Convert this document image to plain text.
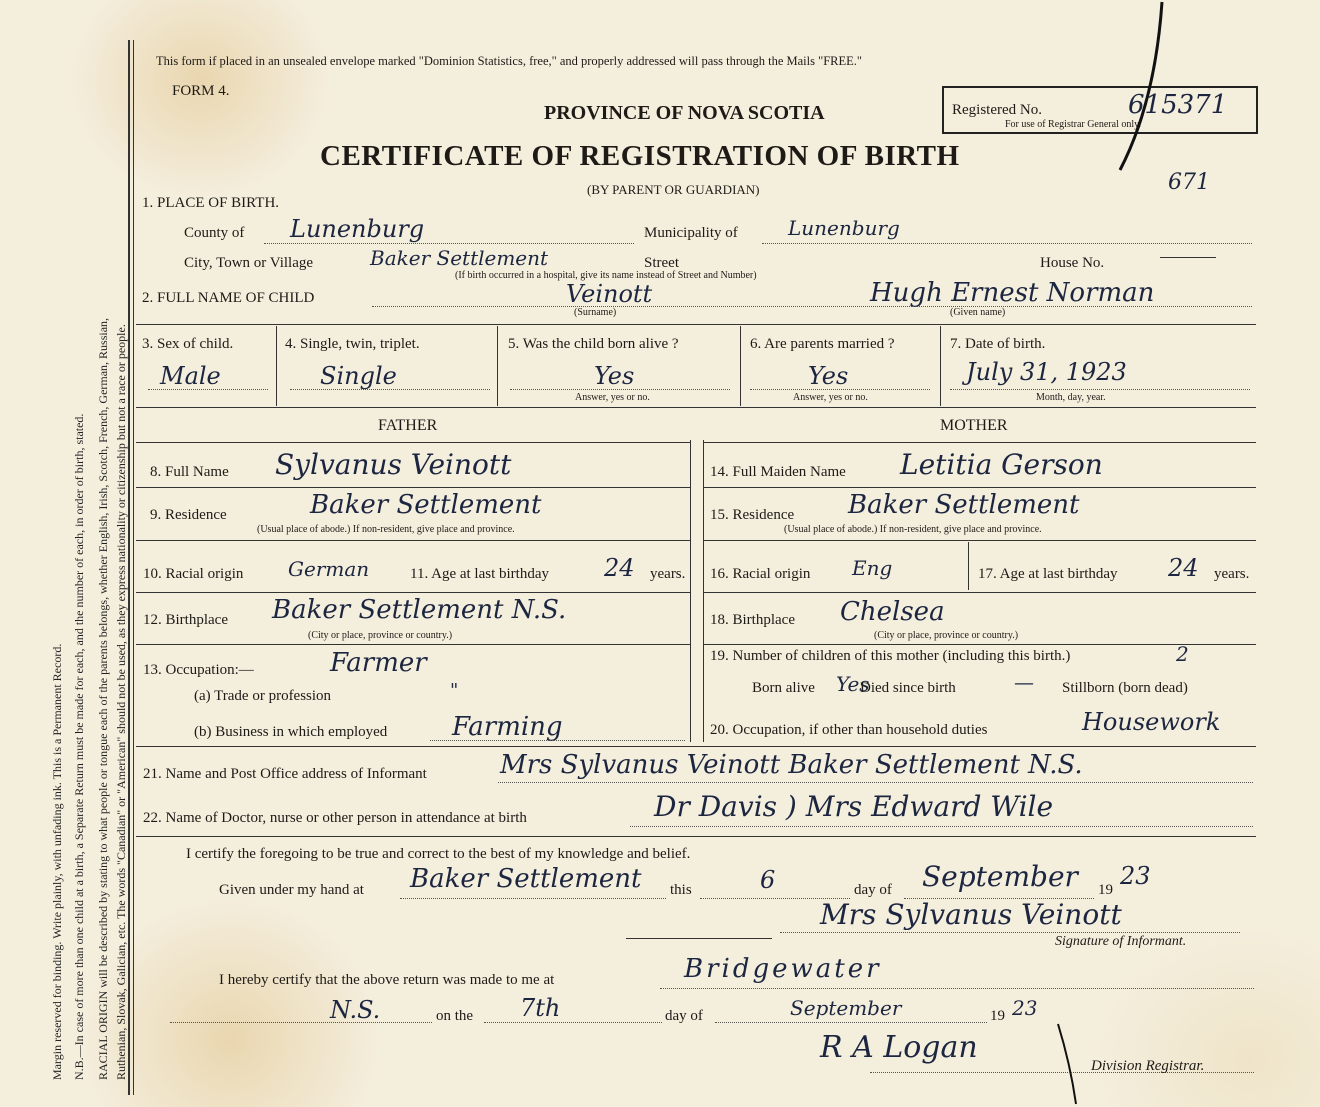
Margin reserved for binding. Write plainly, with unfading ink. This is a Permanent Record. N.B.—In case of more than one child at a birth, a Separate Return must be made for each, and the number of each, in order of birth, stated. RACIAL ORIGIN will be described by stating to what people or tongue each of the parents belongs, whether English, Irish, Scotch, French, German, Russian, Ruthenian, Slovak, Galician, etc. The words "Canadian" or "American" should not be used, as they express nationality or citizenship but not a race or people.
This form if placed in an unsealed envelope marked "Dominion Statistics, free," and properly addressed will pass through the Mails "FREE."
FORM 4.
PROVINCE OF NOVA SCOTIA
CERTIFICATE OF REGISTRATION OF BIRTH
(BY PARENT OR GUARDIAN)
Registered No.	615371
For use of Registrar General only.
671
1. PLACE OF BIRTH.
County of Lunenburg	Municipality of	Lunenburg
City, Town or Village	Baker Settlement	Street
(If birth occurred in a hospital, give its name instead of Street and Number)
House No.
2. FULL NAME OF CHILD	Veinott
(Surname)
Hugh Ernest Norman
(Given name)
3. Sex of child.
Male
4. Single, twin, triplet.
Single
5. Was the child born alive ?
Yes
Answer, yes or no.
6. Are parents married ?
Yes
Answer, yes or no.
7. Date of birth.
July 31, 1923
Month, day, year.
FATHER	MOTHER
8. Full Name Sylvanus Veinott
9. Residence	Baker Settlement
(Usual place of abode.) If non-resident, give place and province.
10. Racial origin German	11. Age at last birthday 24 years.
12. Birthplace Baker Settlement N.S.
(City or place, province or country.)
13. Occupation:—	Farmer
(a) Trade or profession	"
(b) Business in which employed Farming
14. Full Maiden Name Letitia Gerson
15. Residence Baker Settlement
(Usual place of abode.) If non-resident, give place and province.
16. Racial origin Eng	17. Age at last birthday 24 years.
18. Birthplace Chelsea
(City or place, province or country.)
19. Number of children of this mother (including this birth.)	2
Born alive Yes
Died since birth	— Stillborn (born dead)
20. Occupation, if other than household duties	Housework
21. Name and Post Office address of Informant	Mrs Sylvanus Veinott Baker Settlement N.S.
22. Name of Doctor, nurse or other person in attendance at birth	Dr Davis ) Mrs Edward Wile
I certify the foregoing to be true and correct to the best of my knowledge and belief.
Given under my hand at Baker Settlement this	6	day of September 19 23
Mrs Sylvanus Veinott
Signature of Informant.
I hereby certify that the above return was made to me at	Bridgewater
N.S.	on the 7th	day of	September	19 23
R A Logan
Division Registrar.
